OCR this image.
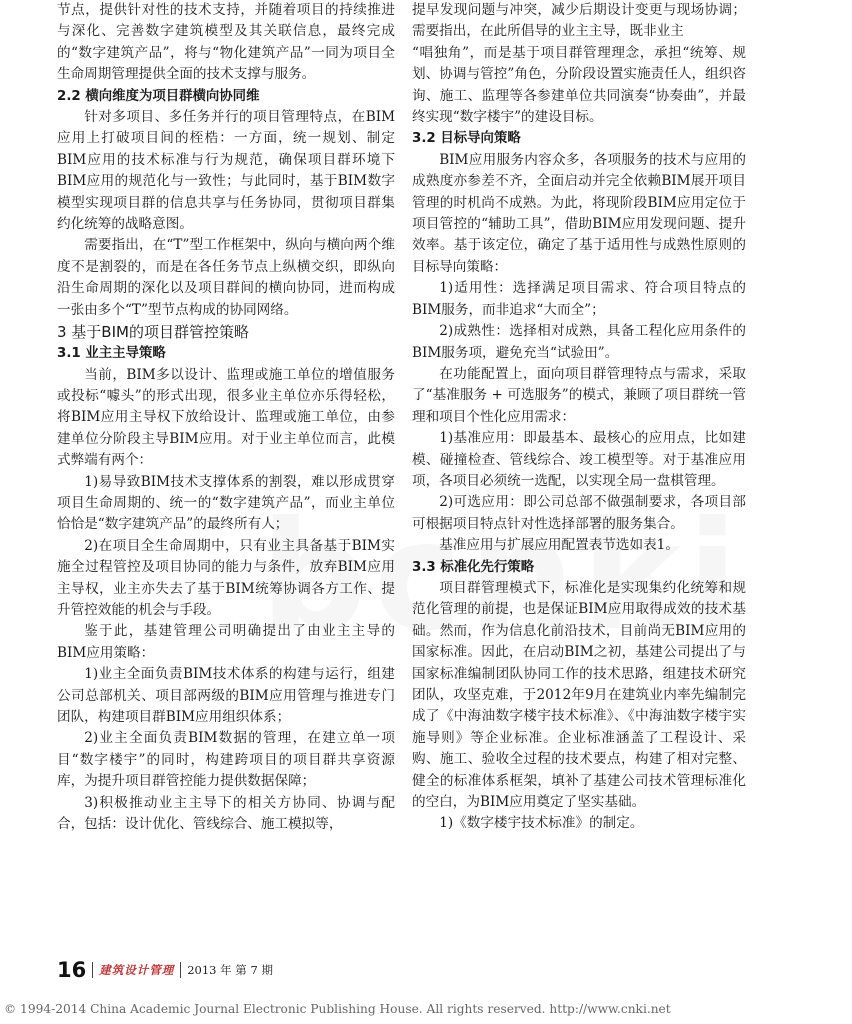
节点，提供针对性的技术支持，并随着项目的持续推进与深化、完善数字建筑模型及其关联信息，最终完成的“数字建筑产品”，将与“物化建筑产品”一同为项目全生命周期管理提供全面的技术支撑与服务。

2.2 横向维度为项目群横向协同维

针对多项目、多任务并行的项目管理特点，在BIM应用上打破项目间的桎梏：一方面，统一规划、制定BIM应用的技术标准与行为规范，确保项目群环境下BIM应用的规范化与一致性；与此同时，基于BIM数字模型实现项目群的信息共享与任务协同，贯彻项目群集约化统筹的战略意图。

需要指出，在“T”型工作框架中，纵向与横向两个维度不是割裂的，而是在各任务节点上纵横交织，即纵向沿生命周期的深化以及项目群间的横向协同，进而构成一张由多个“T”型节点构成的协同网络。

3 基于BIM的项目群管控策略

3.1 业主主导策略

当前，BIM多以设计、监理或施工单位的增值服务或投标“噱头”的形式出现，很多业主单位亦乐得轻松，将BIM应用主导权下放给设计、监理或施工单位，由参建单位分阶段主导BIM应用。对于业主单位而言，此模式弊端有两个：

1)易导致BIM技术支撑体系的割裂，难以形成贯穿项目生命周期的、统一的“数字建筑产品”，而业主单位恰恰是“数字建筑产品”的最终所有人；

2)在项目全生命周期中，只有业主具备基于BIM实施全过程管控及项目协同的能力与条件，放弃BIM应用主导权，业主亦失去了基于BIM统筹协调各方工作、提升管控效能的机会与手段。

鉴于此，基建管理公司明确提出了由业主主导的BIM应用策略：

1)业主全面负责BIM技术体系的构建与运行，组建公司总部机关、项目部两级的BIM应用管理与推进专门团队，构建项目群BIM应用组织体系；

2)业主全面负责BIM数据的管理，在建立单一项目“数字楼宇”的同时，构建跨项目的项目群共享资源库，为提升项目群管控能力提供数据保障；

3)积极推动业主主导下的相关方协同、协调与配合，包括：设计优化、管线综合、施工模拟等，

提早发现问题与冲突，减少后期设计变更与现场协调； 需要指出，在此所倡导的业主主导，既非业主

“唱独角”，而是基于项目群管理理念，承担“统筹、规划、协调与管控”角色，分阶段设置实施责任人，组织咨询、施工、监理等各参建单位共同演奏“协奏曲”，并最终实现“数字楼宇”的建设目标。

3.2 目标导向策略

BIM应用服务内容众多，各项服务的技术与应用的成熟度亦参差不齐，全面启动并完全依赖BIM展开项目管理的时机尚不成熟。为此，将现阶段BIM应用定位于项目管控的“辅助工具”，借助BIM应用发现问题、提升效率。基于该定位，确定了基于适用性与成熟性原则的目标导向策略：

1)适用性：选择满足项目需求、符合项目特点的BIM服务，而非追求“大而全”；

2)成熟性：选择相对成熟，具备工程化应用条件的BIM服务项，避免充当“试验田”。

在功能配置上，面向项目群管理特点与需求，采取了“基准服务 + 可选服务”的模式，兼顾了项目群统一管理和项目个性化应用需求：

1)基准应用：即最基本、最核心的应用点，比如建模、碰撞检查、管线综合、竣工模型等。对于基准应用项，各项目必须统一选配，以实现全局一盘棋管理。

2)可选应用：即公司总部不做强制要求，各项目部可根据项目特点针对性选择部署的服务集合。

基准应用与扩展应用配置表节选如表1。

3.3 标准化先行策略

项目群管理模式下，标准化是实现集约化统筹和规范化管理的前提，也是保证BIM应用取得成效的技术基础。然而，作为信息化前沿技术，目前尚无BIM应用的国家标准。因此，在启动BIM之初，基建公司提出了与国家标准编制团队协同工作的技术思路，组建技术研究团队，攻坚克难，于2012年9月在建筑业内率先编制完成了《中海油数字楼宇技术标准》、《中海油数字楼宇实施导则》等企业标准。企业标准涵盖了工程设计、采购、施工、验收全过程的技术要点，构建了相对完整、健全的标准体系框架，填补了基建公司技术管理标准化的空白，为BIM应用奠定了坚实基础。

1)《数字楼宇技术标准》的制定。

16 建筑设计管理 2013 年 第 7 期
© 1994-2014 China Academic Journal Electronic Publishing House. All rights reserved. http://www.cnki.net
